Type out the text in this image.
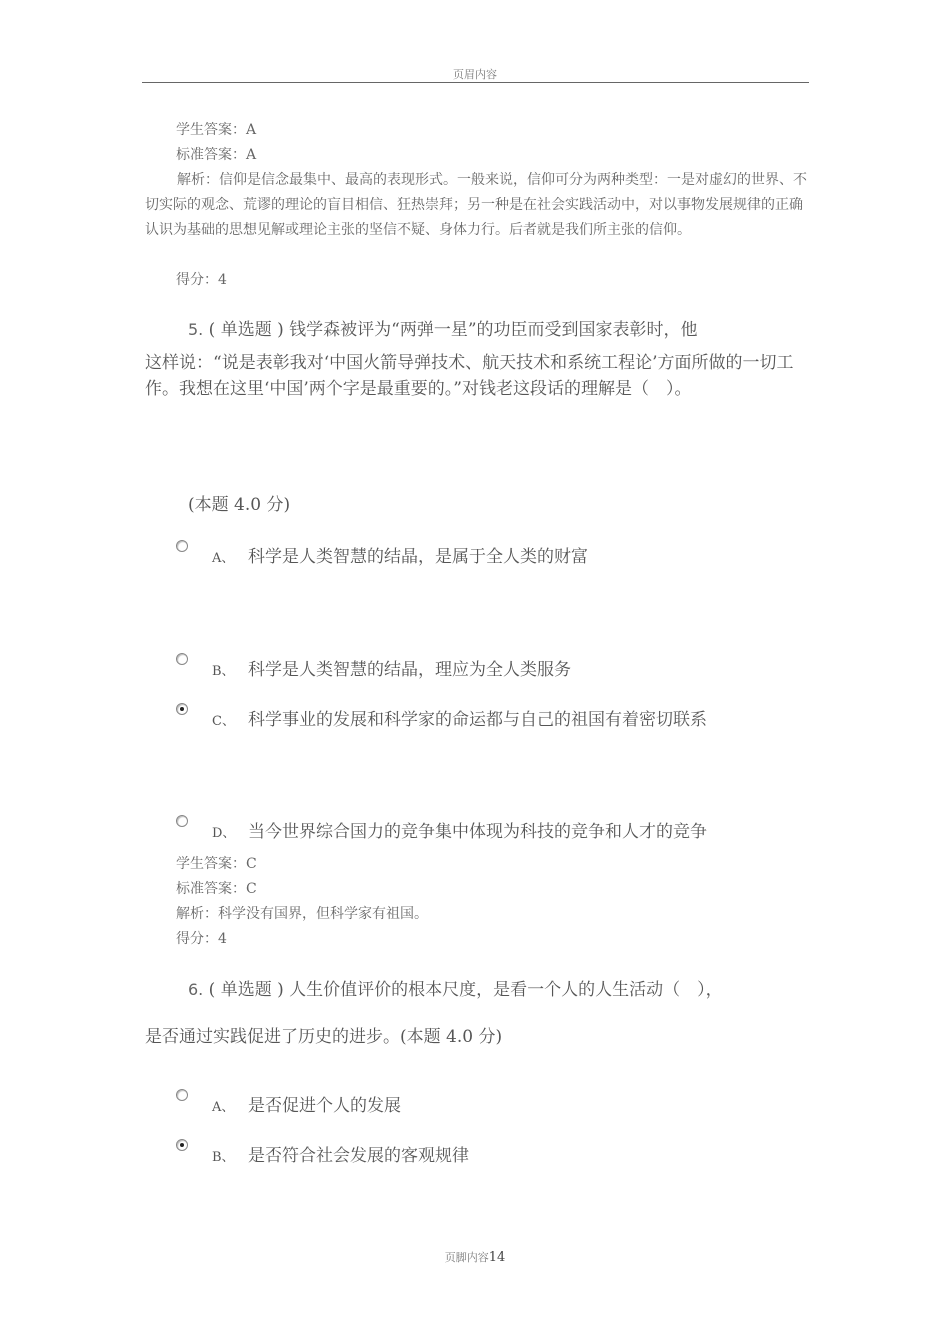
页眉内容
学生答案：A
标准答案：A
解析：信仰是信念最集中、最高的表现形式。一般来说，信仰可分为两种类型：一是对虚幻的世界、不切实际的观念、荒谬的理论的盲目相信、狂热崇拜；另一种是在社会实践活动中，对以事物发展规律的正确认识为基础的思想见解或理论主张的坚信不疑、身体力行。后者就是我们所主张的信仰。
得分：4
5. ( 单选题 ) 钱学森被评为“两弹一星”的功臣而受到国家表彰时，他
这样说：“说是表彰我对‘中国火箭导弹技术、航天技术和系统工程论’方面所做的一切工作。我想在这里‘中国’两个字是最重要的。”对钱老这段话的理解是（　）。
(本题 4.0 分)
A、 科学是人类智慧的结晶，是属于全人类的财富
B、 科学是人类智慧的结晶，理应为全人类服务
C、 科学事业的发展和科学家的命运都与自己的祖国有着密切联系
D、 当今世界综合国力的竞争集中体现为科技的竞争和人才的竞争
学生答案：C
标准答案：C
解析：科学没有国界，但科学家有祖国。
得分：4
6. ( 单选题 ) 人生价值评价的根本尺度，是看一个人的人生活动（　），
是否通过实践促进了历史的进步。(本题 4.0 分)
A、 是否促进个人的发展
B、 是否符合社会发展的客观规律
页脚内容14
